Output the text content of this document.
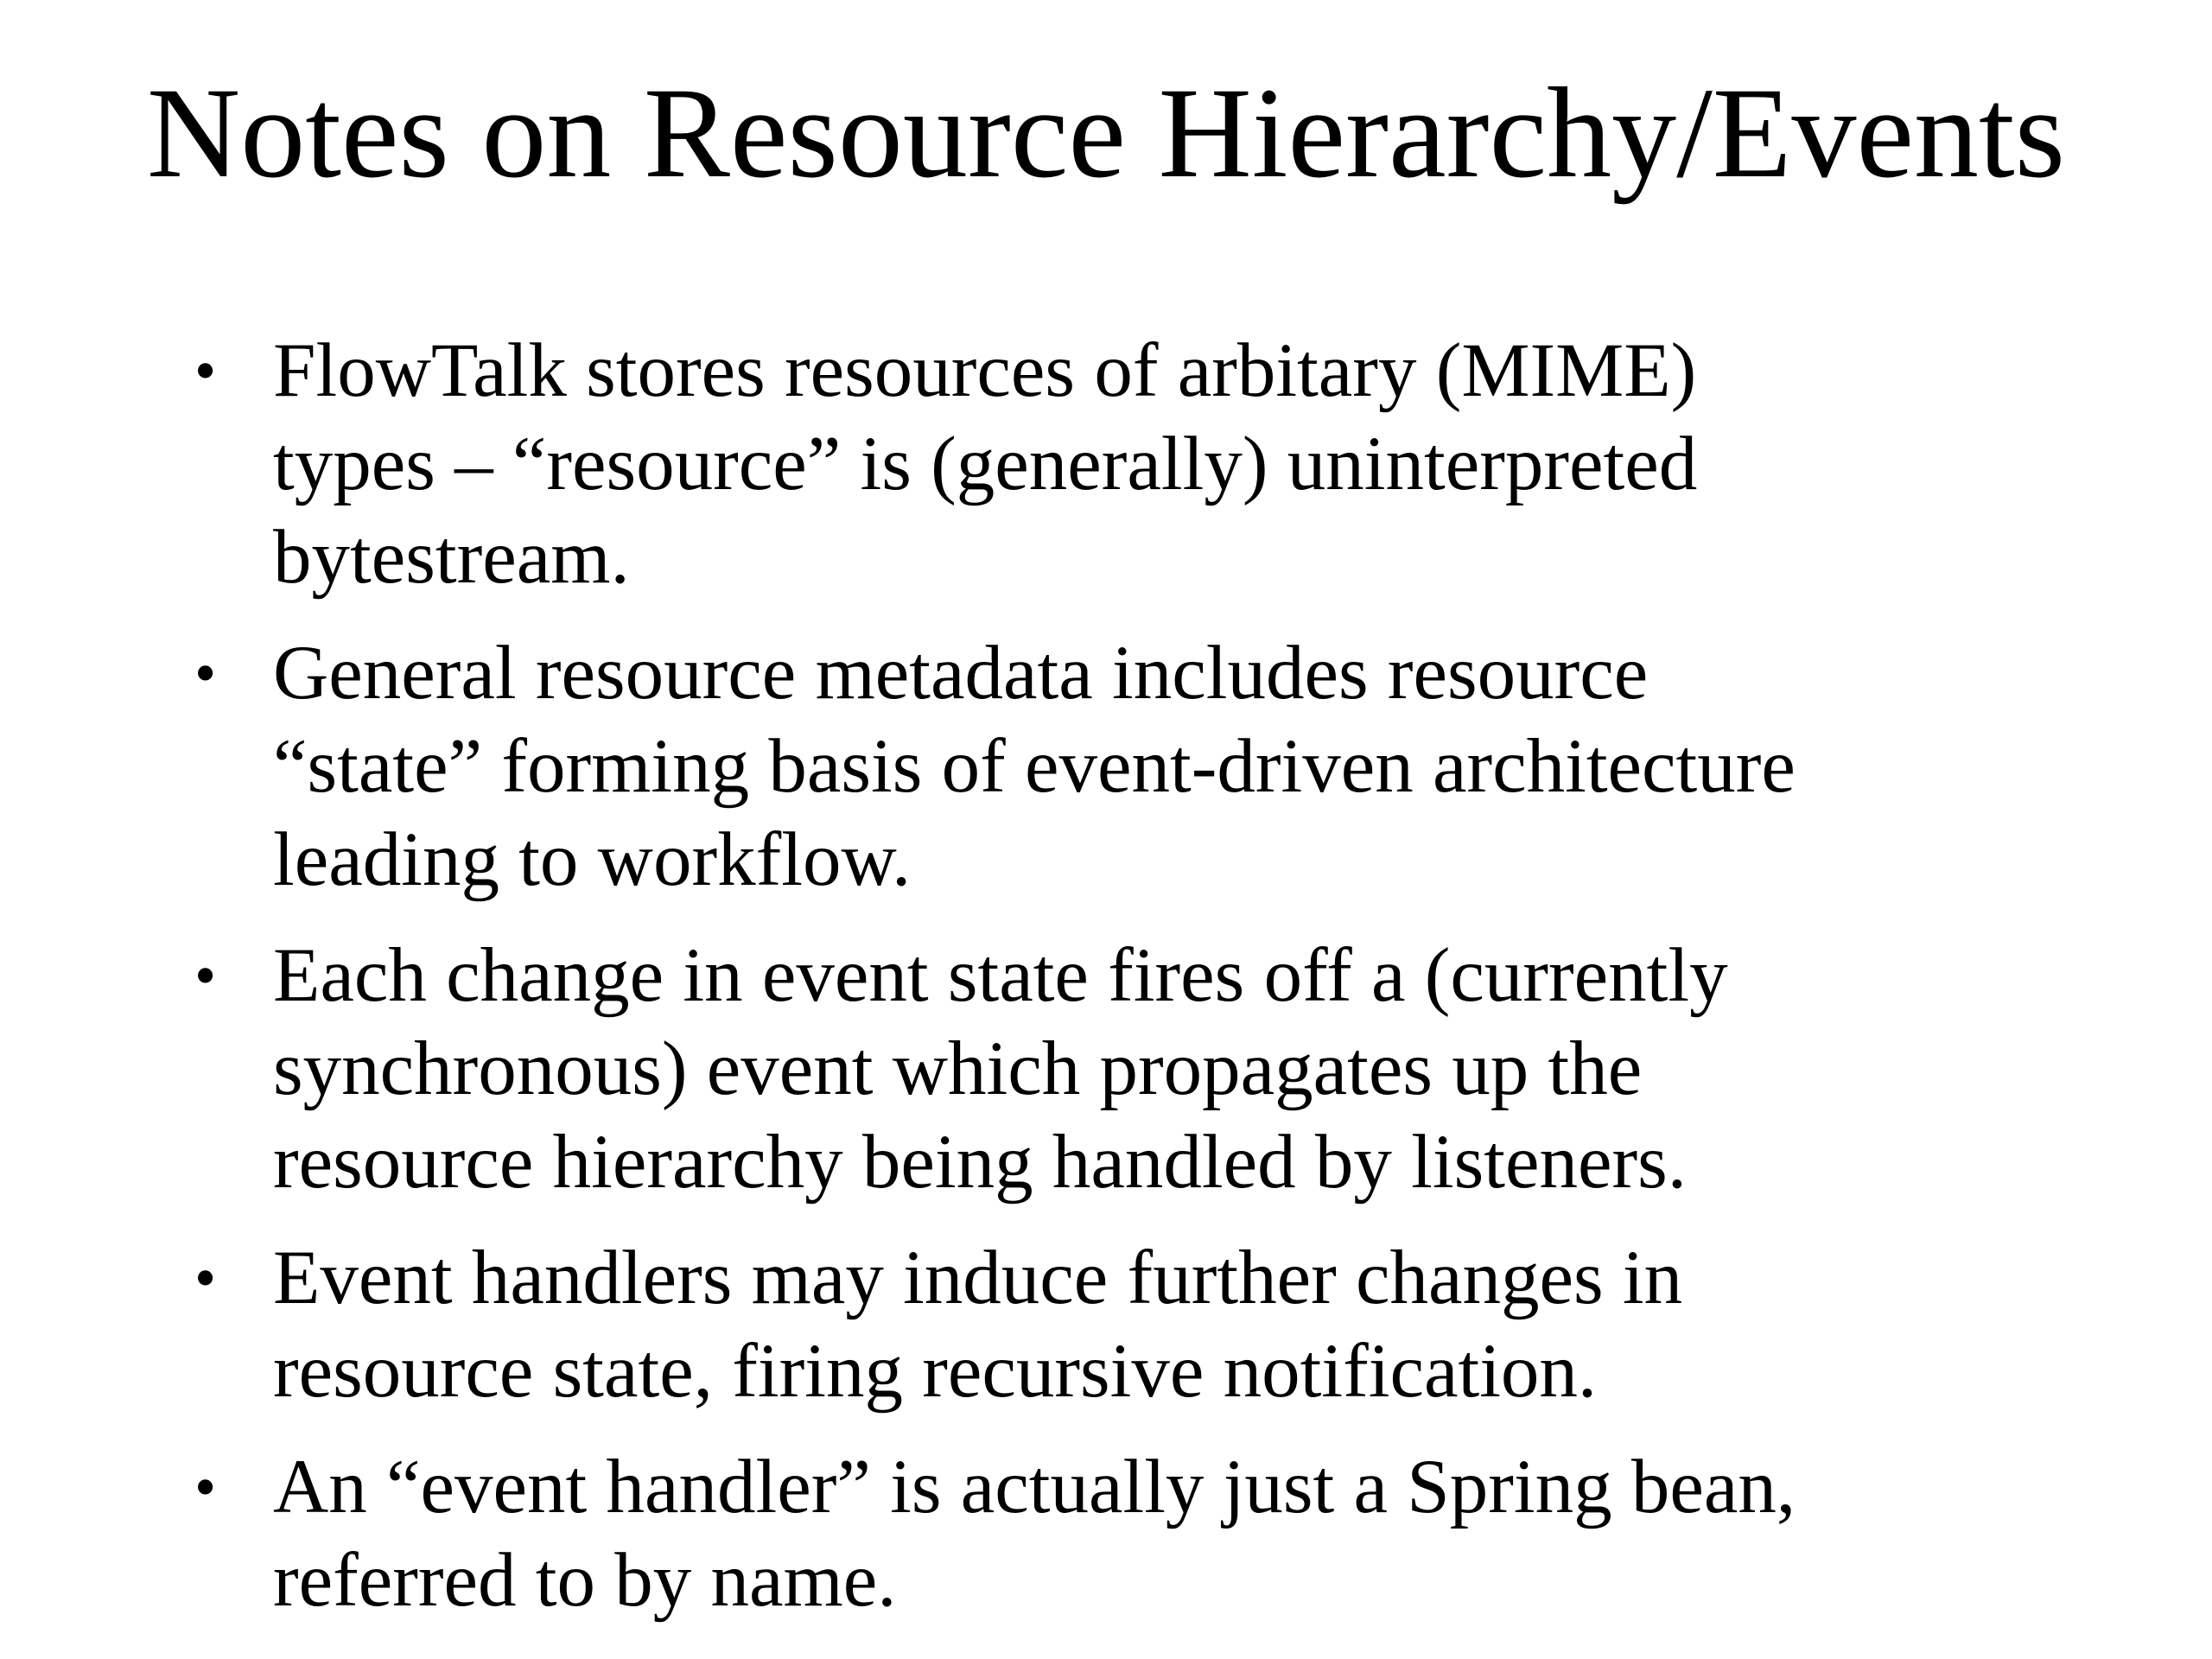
Notes on Resource Hierarchy/Events
• FlowTalk stores resources of arbitary (MIME)
types – “resource” is (generally) uninterpreted
bytestream.
• General resource metadata includes resource
“state” forming basis of event-driven architecture
leading to workflow.
• Each change in event state fires off a (currently
synchronous) event which propagates up the
resource hierarchy being handled by listeners.
• Event handlers may induce further changes in
resource state, firing recursive notification.
• An “event handler” is actually just a Spring bean,
referred to by name.
